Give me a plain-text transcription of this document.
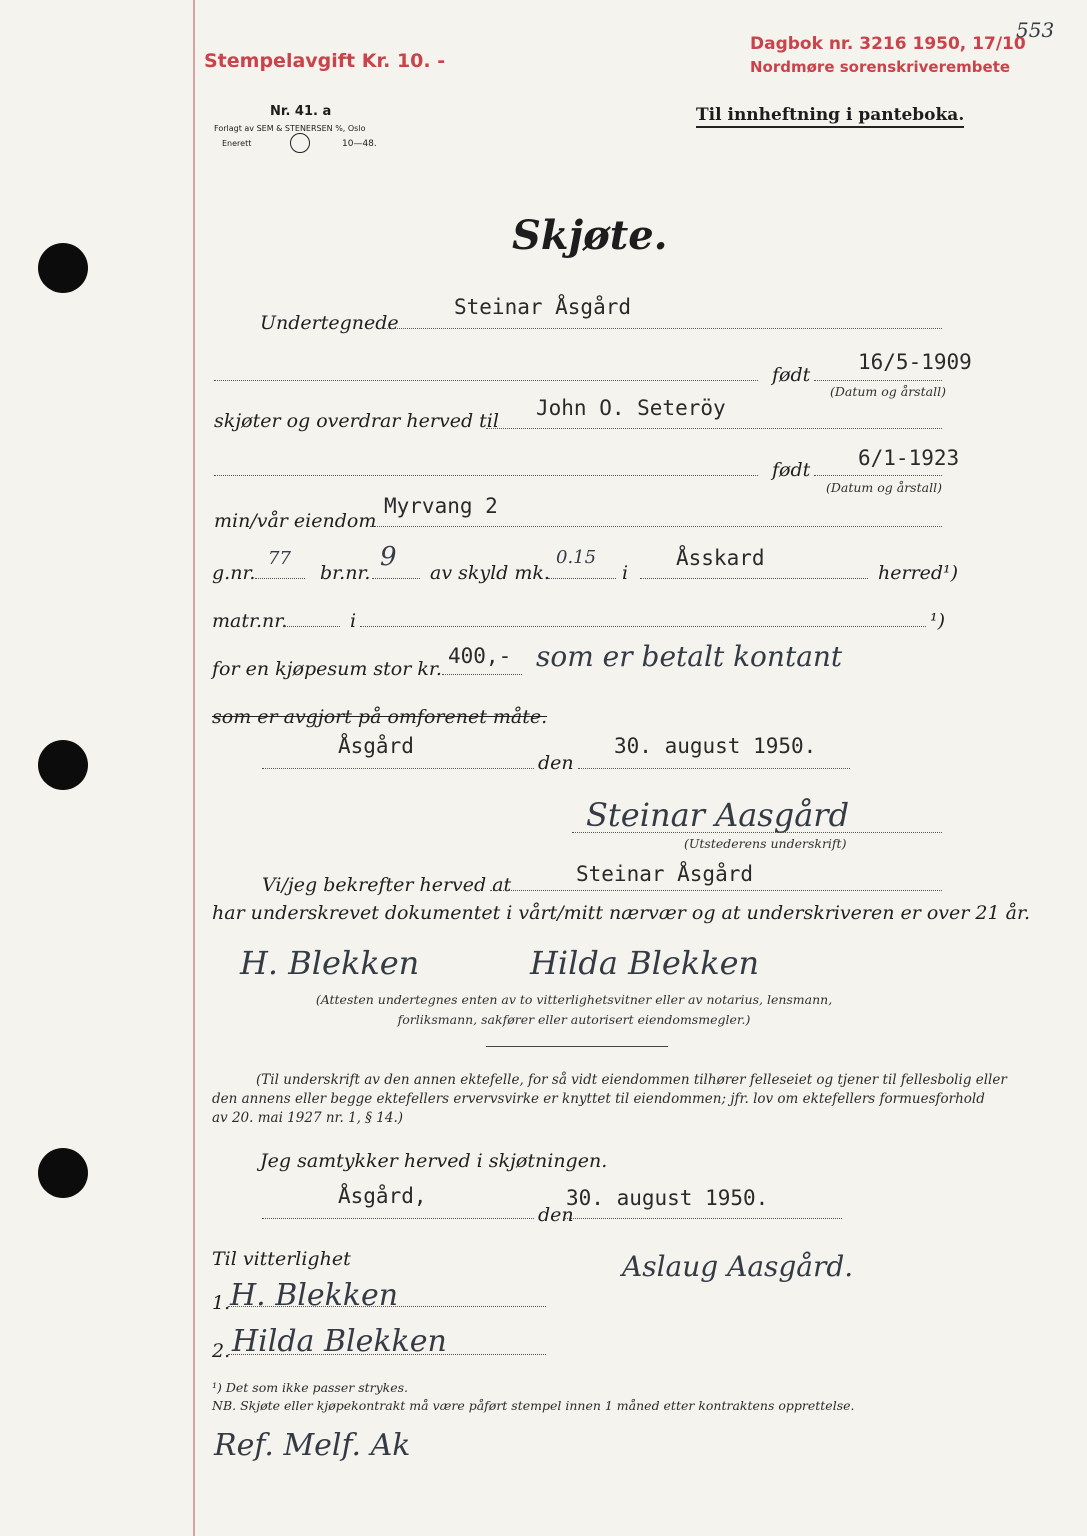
Stempelavgift Kr. 10. -
Dagbok nr. 3216 1950, 17/10
Nordmøre sorenskriverembete
553
Nr. 41. a
Forlagt av SEM & STENERSEN %, Oslo
Enerett	10—48.
Til innheftning i panteboka.
Skjøte.
Undertegnede
Steinar Åsgård
født
16/5-1909
(Datum og årstall)
skjøter og overdrar herved til
John O. Seteröy
født 6/1-1923
(Datum og årstall)
min/vår eiendom
Myrvang 2
g.nr.
77
br.nr.
9
av skyld mk.
0.15
i
Åsskard
herred¹)
matr.nr.	i	¹)
for en kjøpesum stor kr.
400,- som er betalt kontant
som er avgjort på omforenet måte.
Åsgård
den
30. august 1950.
Steinar Aasgård
(Utstederens underskrift)
Vi/jeg bekrefter herved at	Steinar Åsgård
har underskrevet dokumentet i vårt/mitt nærvær og at underskriveren er over 21 år.
H. Blekken	Hilda Blekken
(Attesten undertegnes enten av to vitterlighetsvitner eller av notarius, lensmann,
forliksmann, sakfører eller autorisert eiendomsmegler.)
(Til underskrift av den annen ektefelle, for så vidt eiendommen tilhører felleseiet og tjener til fellesbolig eller
den annens eller begge ektefellers ervervsvirke er knyttet til eiendommen; jfr. lov om ektefellers formuesforhold
av 20. mai 1927 nr. 1, § 14.)
Jeg samtykker herved i skjøtningen.
Åsgård,
den
30. august 1950.
Til vitterlighet	Aslaug Aasgård.
1. H. Blekken
2. Hilda Blekken
¹) Det som ikke passer strykes.
NB. Skjøte eller kjøpekontrakt må være påført stempel innen 1 måned etter kontraktens opprettelse.
Ref. Melf. Ak
